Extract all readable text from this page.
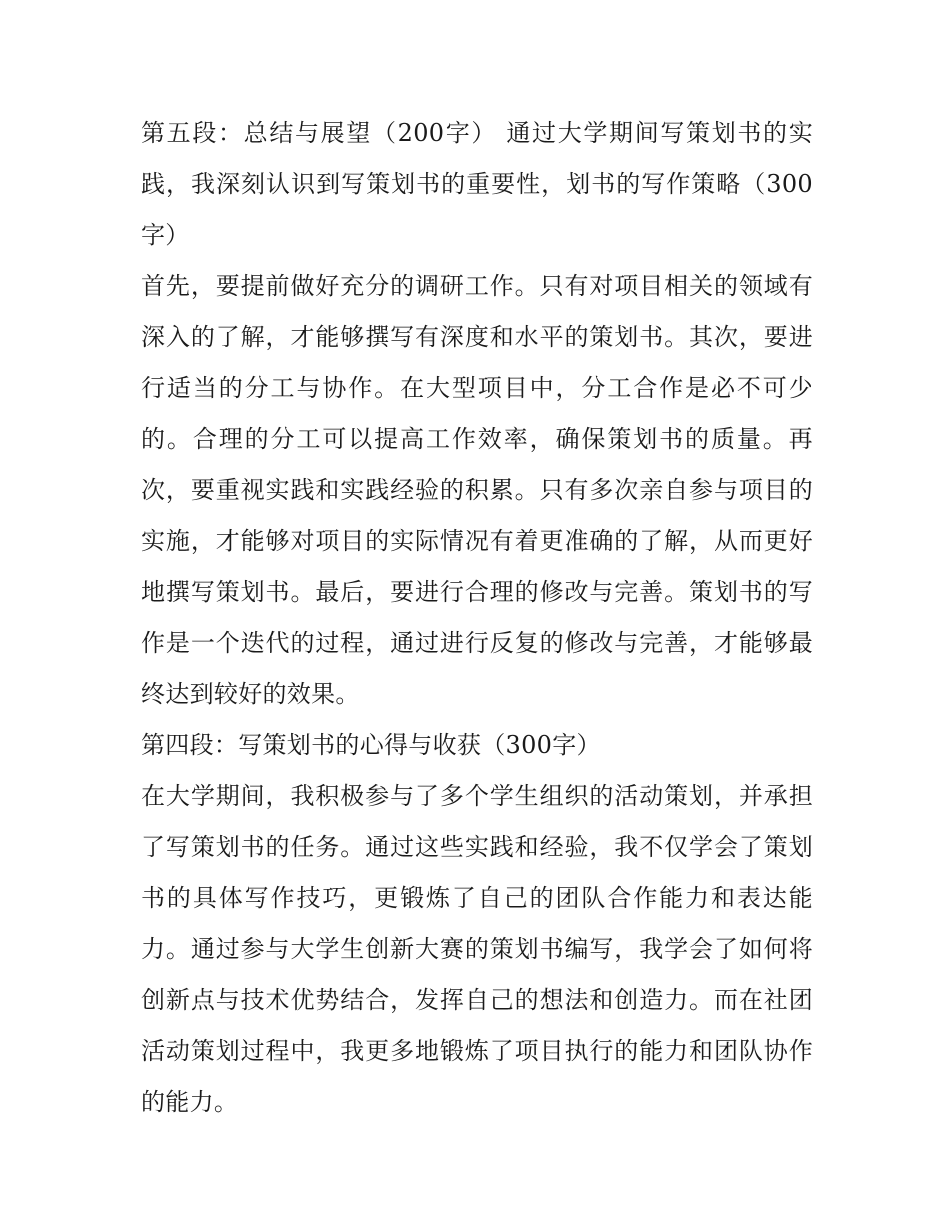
第五段：总结与展望（200字） 通过大学期间写策划书的实践，我深刻认识到写策划书的重要性，划书的写作策略（300字）

首先，要提前做好充分的调研工作。只有对项目相关的领域有深入的了解，才能够撰写有深度和水平的策划书。其次，要进行适当的分工与协作。在大型项目中，分工合作是必不可少的。合理的分工可以提高工作效率，确保策划书的质量。再次，要重视实践和实践经验的积累。只有多次亲自参与项目的实施，才能够对项目的实际情况有着更准确的了解，从而更好地撰写策划书。最后，要进行合理的修改与完善。策划书的写作是一个迭代的过程，通过进行反复的修改与完善，才能够最终达到较好的效果。

第四段：写策划书的心得与收获（300字）

在大学期间，我积极参与了多个学生组织的活动策划，并承担了写策划书的任务。通过这些实践和经验，我不仅学会了策划书的具体写作技巧，更锻炼了自己的团队合作能力和表达能力。通过参与大学生创新大赛的策划书编写，我学会了如何将创新点与技术优势结合，发挥自己的想法和创造力。而在社团活动策划过程中，我更多地锻炼了项目执行的能力和团队协作的能力。
